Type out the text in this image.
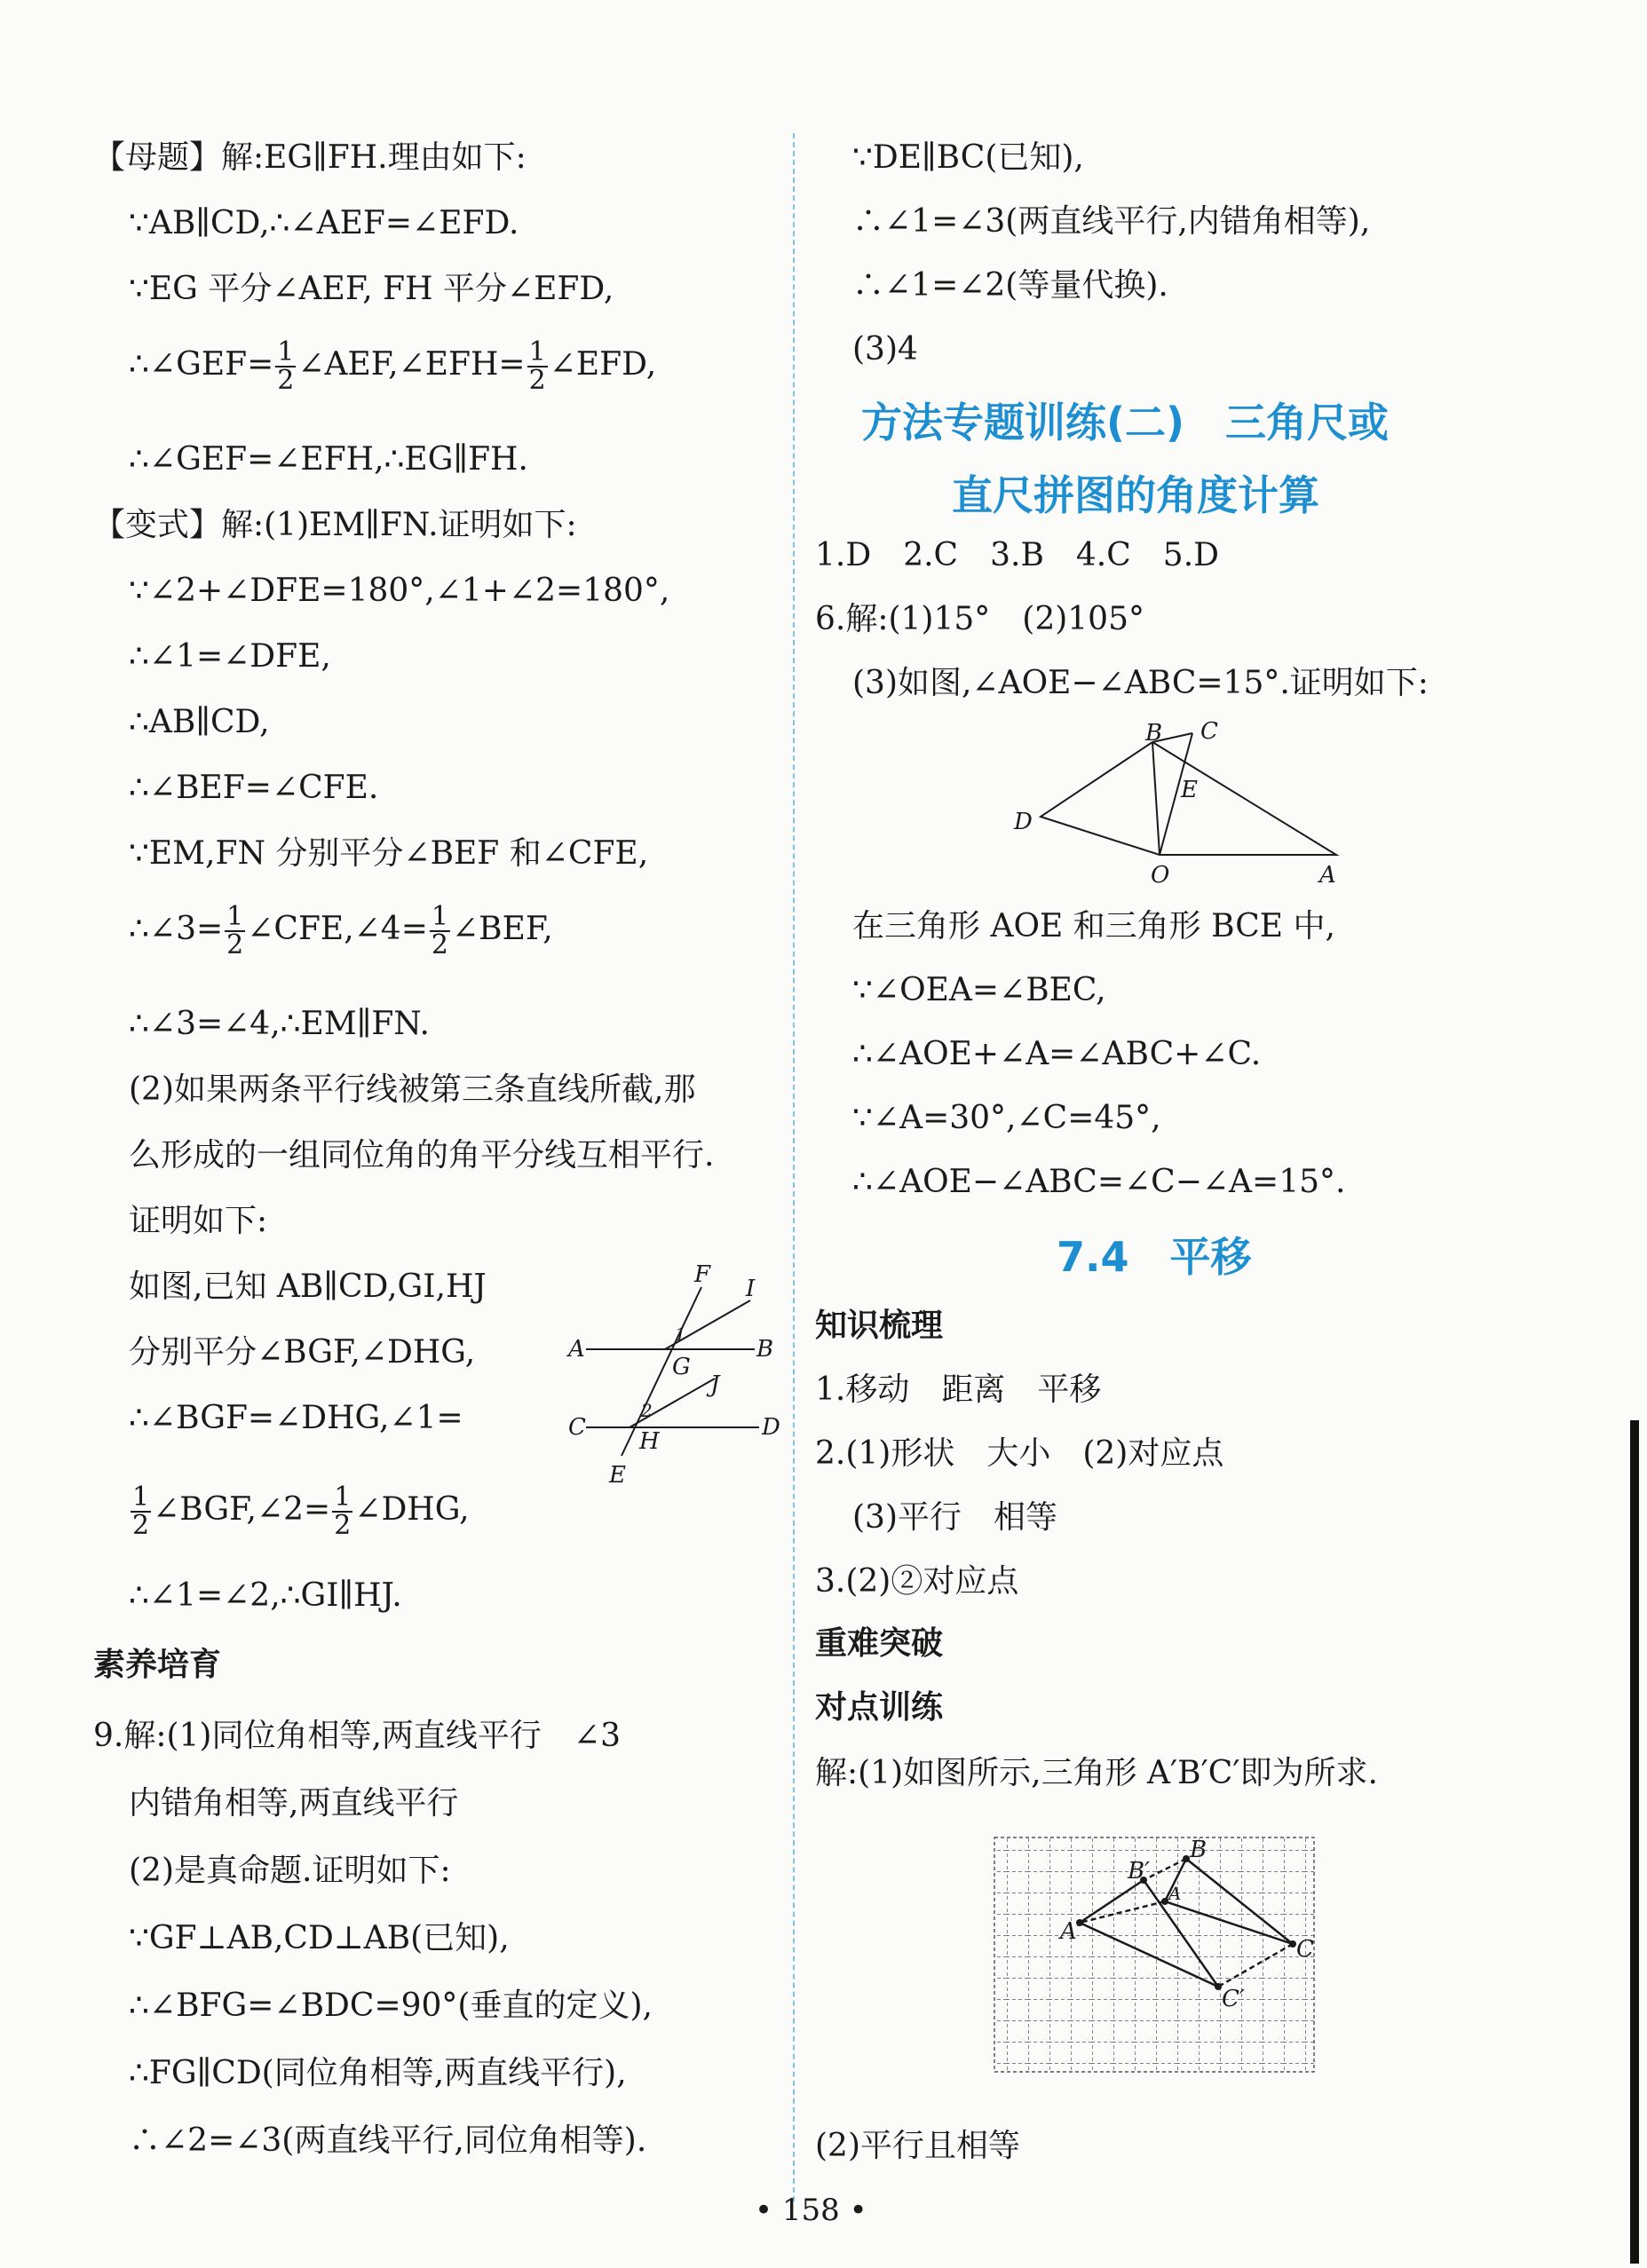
【母题】解:EG∥FH.理由如下:
∵AB∥CD,∴∠AEF=∠EFD.
∵EG 平分∠AEF, FH 平分∠EFD,
∴∠GEF= $\frac{1}{2}$ ∠AEF,∠EFH= $\frac{1}{2}$ ∠EFD,
∴∠GEF=∠EFH,∴EG∥FH.
【变式】解:(1)EM∥FN.证明如下:
∵∠2+∠DFE=180°,∠1+∠2=180°,
∴∠1=∠DFE,
∴AB∥CD,
∴∠BEF=∠CFE.
∵EM,FN 分别平分∠BEF 和∠CFE,
∴∠3= $\frac{1}{2}$ ∠CFE,∠4= $\frac{1}{2}$ ∠BEF,
∴∠3=∠4,∴EM∥FN.
(2)如果两条平行线被第三条直线所截,那
么形成的一组同位角的角平分线互相平行.
证明如下:
如图,已知 AB∥CD,GI,HJ
分别平分∠BGF,∠DHG,
∴∠BGF=∠DHG,∠1=
$\frac{1}{2}$ ∠BGF,∠2= $\frac{1}{2}$ ∠DHG,
∴∠1=∠2,∴GI∥HJ.
素养培育
9.解:(1)同位角相等,两直线平行　∠3
内错角相等,两直线平行
(2)是真命题.证明如下:
∵GF⊥AB,CD⊥AB(已知),
∴∠BFG=∠BDC=90°(垂直的定义),
∴FG∥CD(同位角相等,两直线平行),
∴∠2=∠3(两直线平行,同位角相等).
F
I
A	B
1
G
J
2
C	D
H
E
∵DE∥BC(已知),
∴∠1=∠3(两直线平行,内错角相等),
∴∠1=∠2(等量代换).
(3)4
方法专题训练(二)　三角尺或
直尺拼图的角度计算
1.D　2.C　3.B　4.C　5.D
6.解:(1)15°　(2)105°
(3)如图,∠AOE−∠ABC=15°.证明如下:
B C
E
D
O	A
在三角形 AOE 和三角形 BCE 中,
∵∠OEA=∠BEC,
∴∠AOE+∠A=∠ABC+∠C.
∵∠A=30°,∠C=45°,
∴∠AOE−∠ABC=∠C−∠A=15°.
7.4　平移
知识梳理
1.移动　距离　平移
2.(1)形状　大小　(2)对应点
(3)平行　相等
3.(2)②对应点
重难突破
对点训练
解:(1)如图所示,三角形 A′B′C′即为所求.
B
B′
A′
A
C
C′
(2)平行且相等
• 158 •
